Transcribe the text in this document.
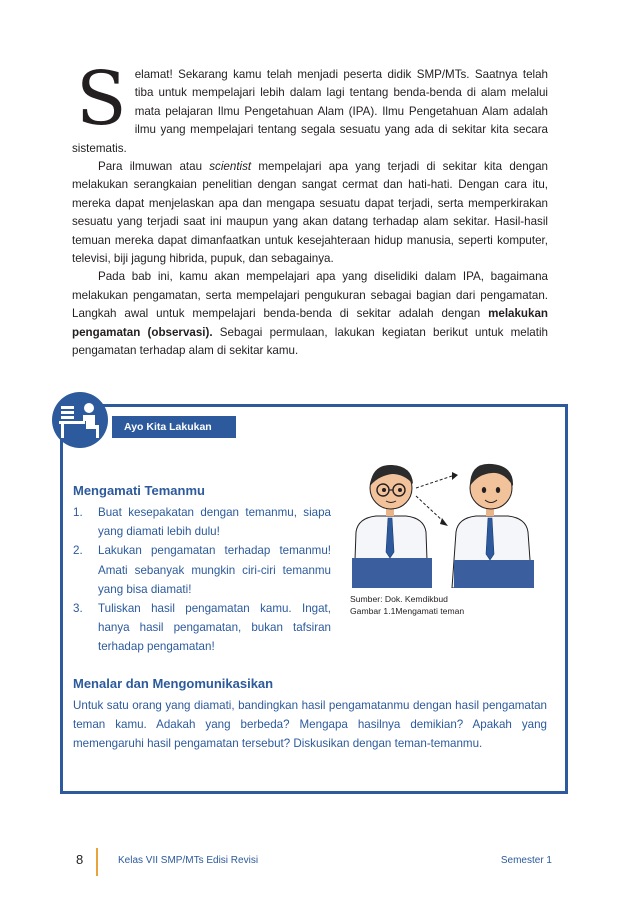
Selamat! Sekarang kamu telah menjadi peserta didik SMP/MTs. Saatnya telah tiba untuk mempelajari lebih dalam lagi tentang benda-benda di alam melalui mata pelajaran Ilmu Pengetahuan Alam (IPA). Ilmu Pengetahuan Alam adalah ilmu yang mempelajari tentang segala sesuatu yang ada di sekitar kita secara sistematis.

Para ilmuwan atau scientist mempelajari apa yang terjadi di sekitar kita dengan melakukan serangkaian penelitian dengan sangat cermat dan hati-hati. Dengan cara itu, mereka dapat menjelaskan apa dan mengapa sesuatu dapat terjadi, serta memperkirakan sesuatu yang terjadi saat ini maupun yang akan datang terhadap alam sekitar. Hasil-hasil temuan mereka dapat dimanfaatkan untuk kesejahteraan hidup manusia, seperti komputer, televisi, biji jagung hibrida, pupuk, dan sebagainya.

Pada bab ini, kamu akan mempelajari apa yang diselidiki dalam IPA, bagaimana melakukan pengamatan, serta mempelajari pengukuran sebagai bagian dari pengamatan. Langkah awal untuk mempelajari benda-benda di sekitar adalah dengan melakukan pengamatan (observasi). Sebagai permulaan, lakukan kegiatan berikut untuk melatih pengamatan terhadap alam di sekitar kamu.

Ayo Kita Lakukan
Mengamati Temanmu
1. Buat kesepakatan dengan temanmu, siapa yang diamati lebih dulu!
2. Lakukan pengamatan terhadap temanmu! Amati sebanyak mungkin ciri-ciri temanmu yang bisa diamati!
3. Tuliskan hasil pengamatan kamu. Ingat, hanya hasil pengamatan, bukan tafsiran terhadap pengamatan!
Sumber: Dok. Kemdikbud
Gambar 1.1Mengamati teman
Menalar dan Mengomunikasikan

Untuk satu orang yang diamati, bandingkan hasil pengamatanmu dengan hasil pengamatan teman kamu. Adakah yang berbeda? Mengapa hasilnya demikian? Apakah yang memengaruhi hasil pengamatan tersebut? Diskusikan dengan teman-temanmu.

8	Kelas VII SMP/MTs Edisi Revisi	Semester 1
